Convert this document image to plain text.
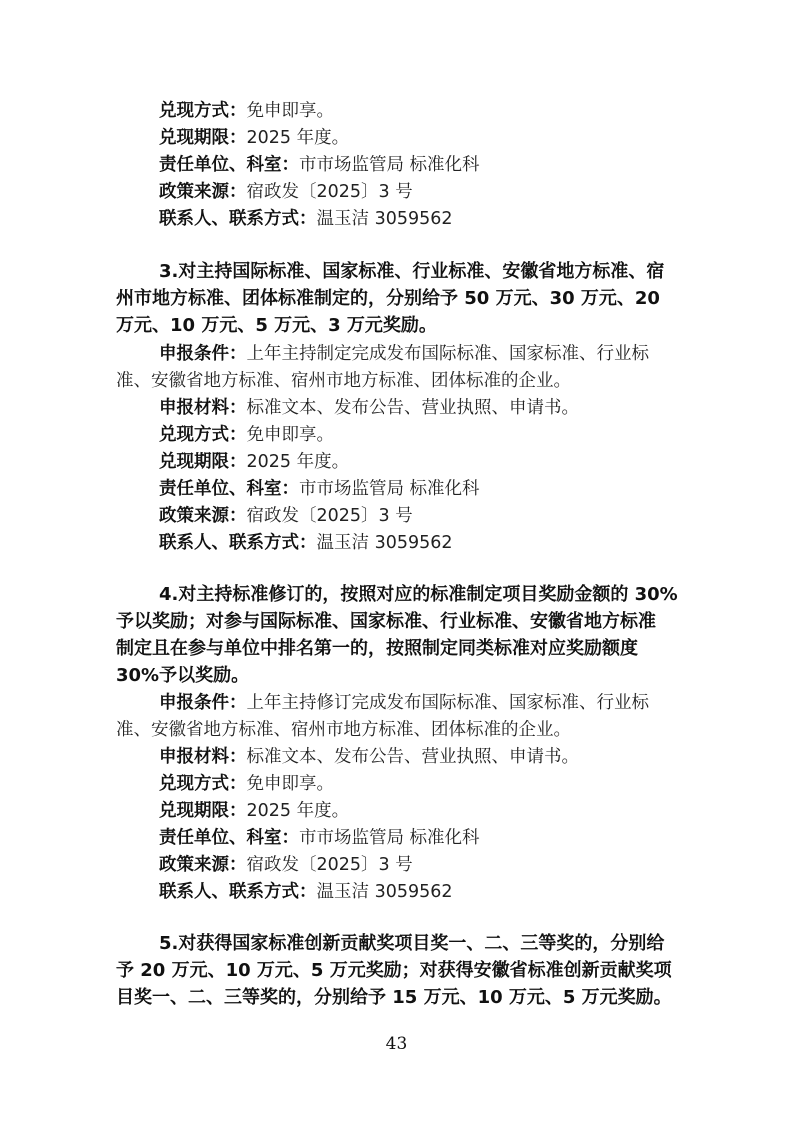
兑现方式：免申即享。
兑现期限：2025 年度。
责任单位、科室：市市场监管局 标准化科
政策来源：宿政发〔2025〕3 号
联系人、联系方式：温玉洁 3059562
3.对主持国际标准、国家标准、行业标准、安徽省地方标准、宿
州市地方标准、团体标准制定的，分别给予 50 万元、30 万元、20
万元、10 万元、5 万元、3 万元奖励。
申报条件：上年主持制定完成发布国际标准、国家标准、行业标
准、安徽省地方标准、宿州市地方标准、团体标准的企业。
申报材料：标准文本、发布公告、营业执照、申请书。
兑现方式：免申即享。
兑现期限：2025 年度。
责任单位、科室：市市场监管局 标准化科
政策来源：宿政发〔2025〕3 号
联系人、联系方式：温玉洁 3059562
4.对主持标准修订的，按照对应的标准制定项目奖励金额的 30%
予以奖励；对参与国际标准、国家标准、行业标准、安徽省地方标准
制定且在参与单位中排名第一的，按照制定同类标准对应奖励额度
30%予以奖励。
申报条件：上年主持修订完成发布国际标准、国家标准、行业标
准、安徽省地方标准、宿州市地方标准、团体标准的企业。
申报材料：标准文本、发布公告、营业执照、申请书。
兑现方式：免申即享。
兑现期限：2025 年度。
责任单位、科室：市市场监管局 标准化科
政策来源：宿政发〔2025〕3 号
联系人、联系方式：温玉洁 3059562
5.对获得国家标准创新贡献奖项目奖一、二、三等奖的，分别给
予 20 万元、10 万元、5 万元奖励；对获得安徽省标准创新贡献奖项
目奖一、二、三等奖的，分别给予 15 万元、10 万元、5 万元奖励。
43
